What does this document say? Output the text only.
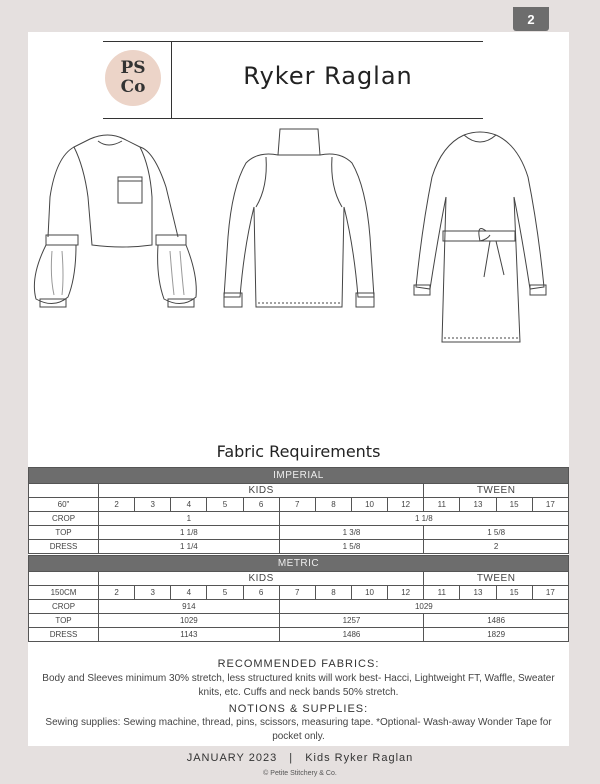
2
PS
Co	Ryker Raglan
Fabric Requirements
IMPERIAL													
	KIDS									TWEEN			
60"	2	3	4	5	6	7	8	10	12	11	13	15	17
CROP	1					1 1/8							
TOP	1 1/8					1 3/8				1 5/8			
DRESS	1 1/4					1 5/8				2			
METRIC													
	KIDS									TWEEN			
150CM	2	3	4	5	6	7	8	10	12	11	13	15	17
CROP	914					1029							
TOP	1029					1257				1486			
DRESS	1143					1486				1829			
RECOMMENDED FABRICS:
Body and Sleeves minimum 30% stretch, less structured knits will work best- Hacci, Lightweight FT, Waffle, Sweater knits, etc. Cuffs and neck bands 50% stretch.
NOTIONS & SUPPLIES:
Sewing supplies: Sewing machine, thread, pins, scissors, measuring tape. *Optional- Wash-away Wonder Tape for pocket only.
JANUARY 2023 | Kids Ryker Raglan
© Petite Stitchery & Co.
